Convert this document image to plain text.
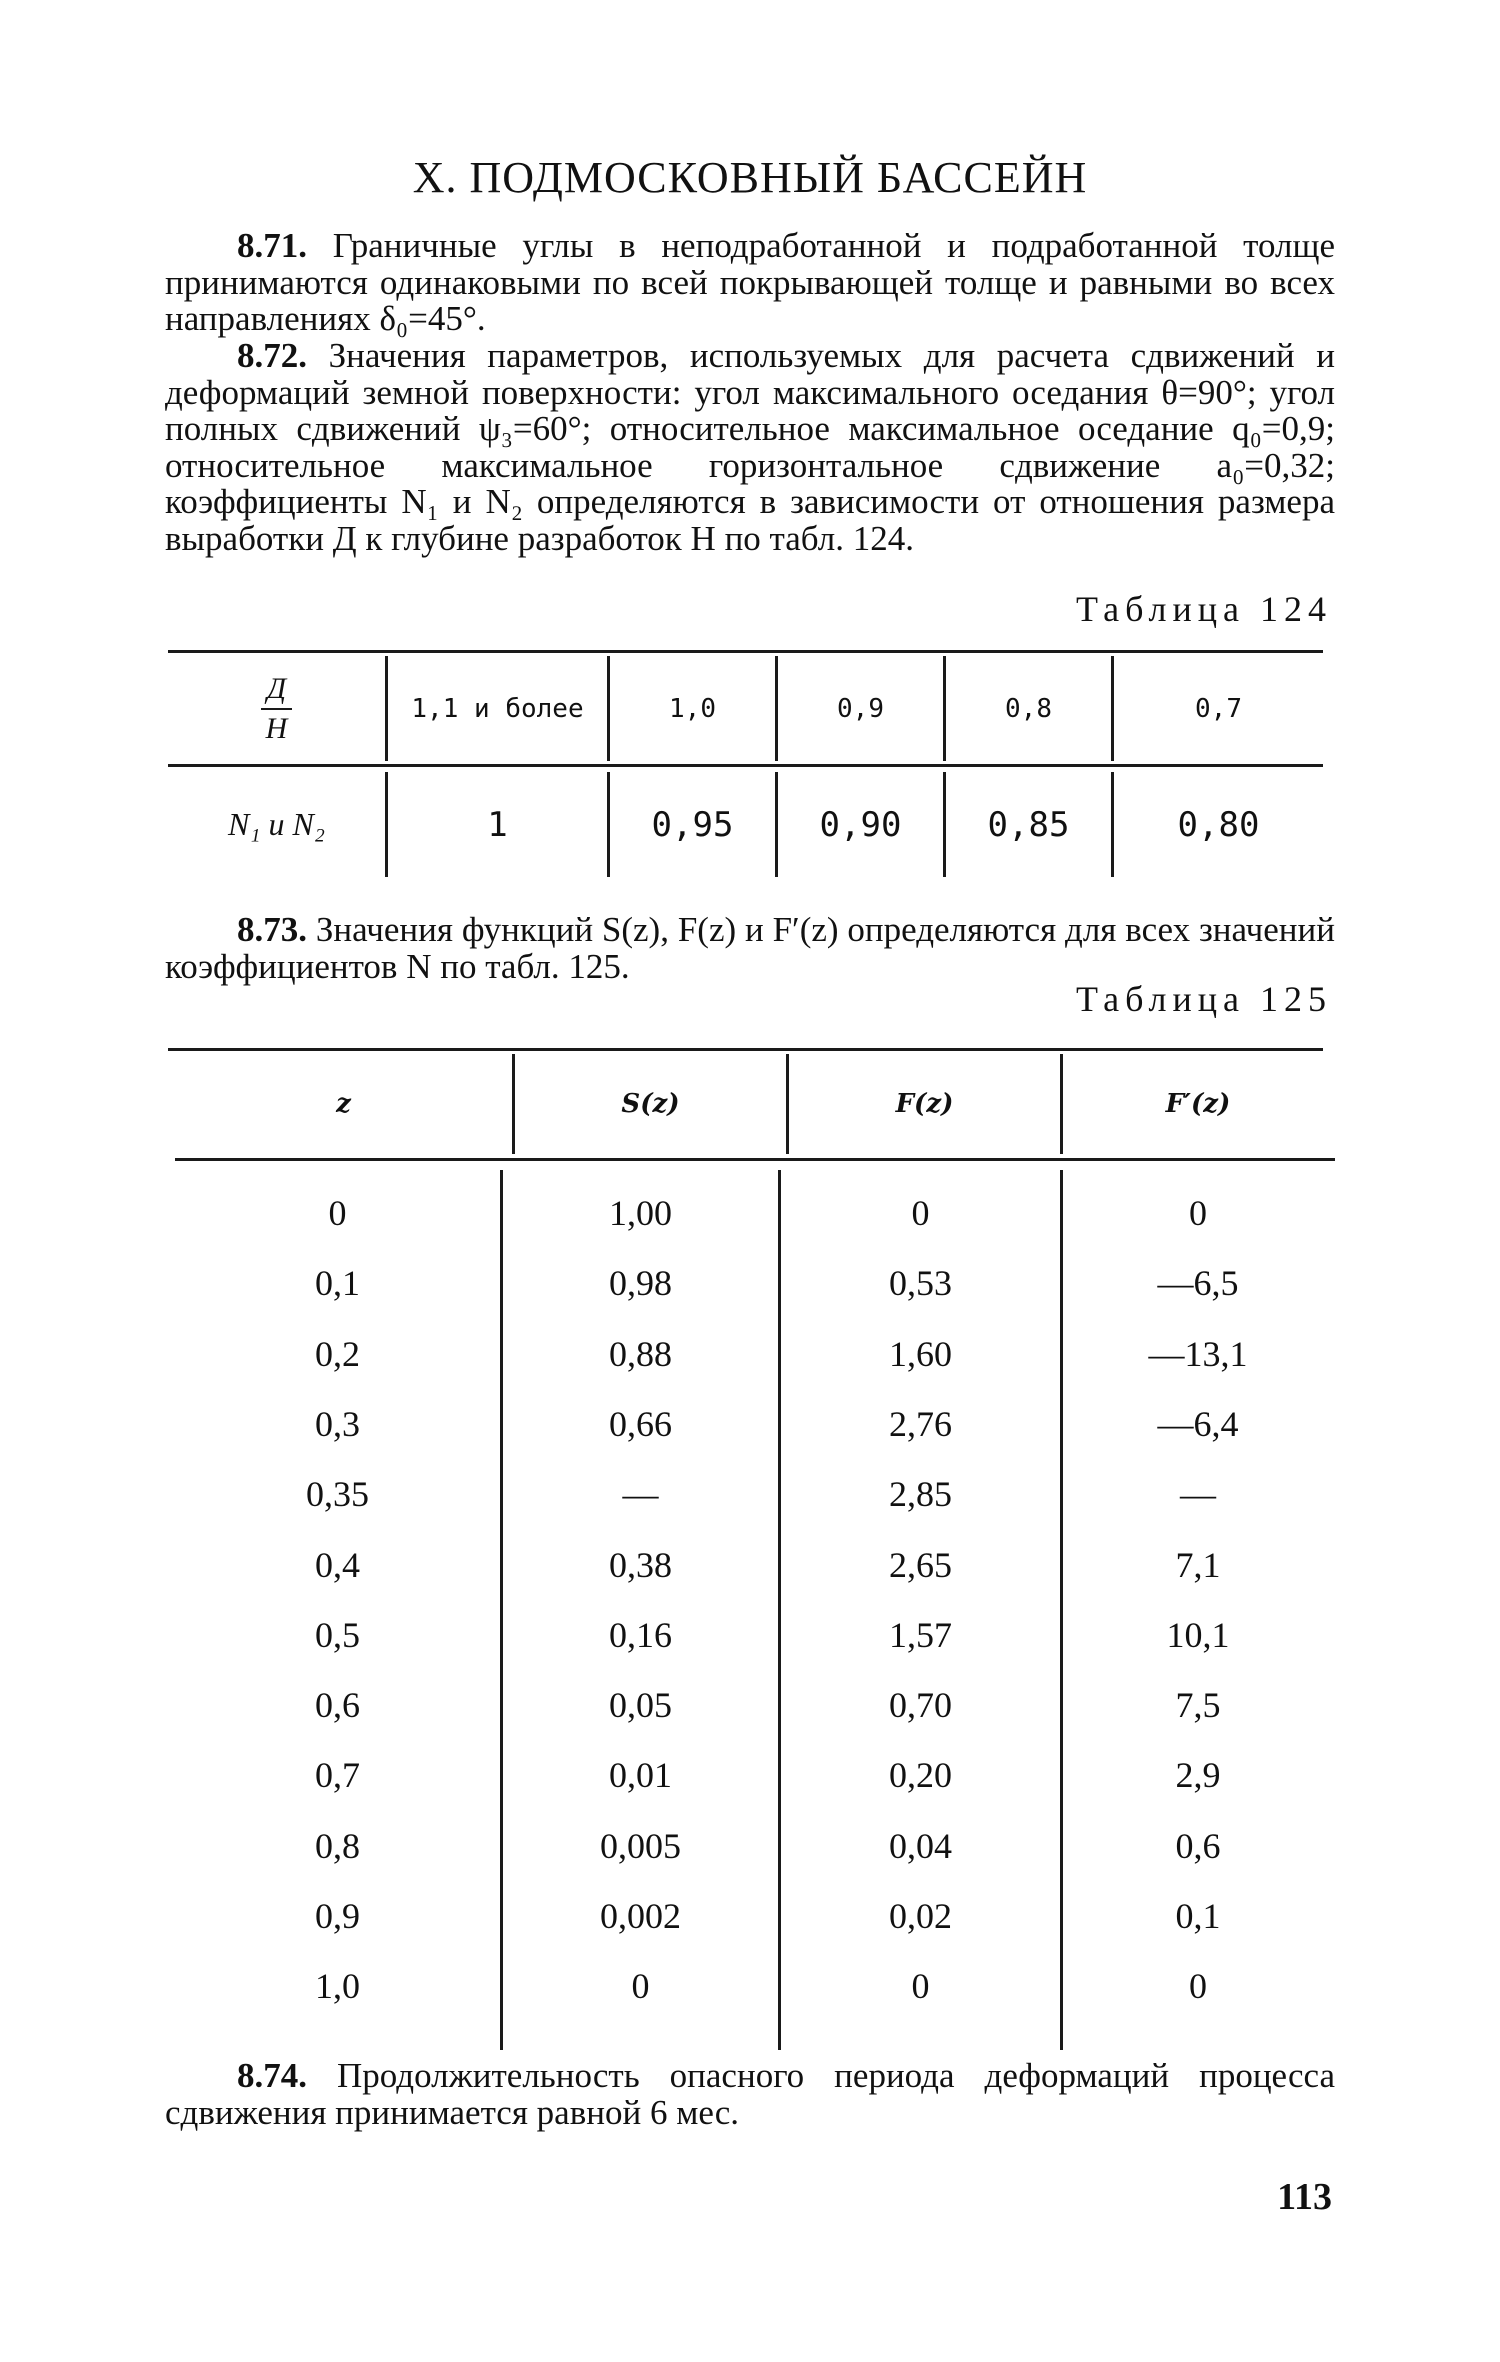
X. ПОДМОСКОВНЫЙ БАССЕЙН
8.71. Граничные углы в неподработанной и подработанной толще принимаются одинаковыми по всей покрывающей толще и равными во всех направлениях δ₀=45°.
8.72. Значения параметров, используемых для расчета сдвижений и деформаций земной поверхности: угол максимального оседания θ=90°; угол полных сдвижений ψ₃=60°; относительное максимальное оседание q₀=0,9; относительное максимальное горизонтальное сдвижение a₀=0,32; коэффициенты N₁ и N₂ определяются в зависимости от отношения размера выработки Д к глубине разработок H по табл. 124.
Таблица 124
$\frac{Д}{H}$	1,1 и более	1,0	0,9	0,8	0,7
N₁ и N₂	1	0,95	0,90	0,85	0,80
8.73. Значения функций S(z), F(z) и F′(z) определяются для всех значений коэффициентов N по табл. 125.
Таблица 125
z	S(z)	F(z)	F′(z)
0	1,00	0	0
0,1	0,98	0,53	—6,5
0,2	0,88	1,60	—13,1
0,3	0,66	2,76	—6,4
0,35	—	2,85	—
0,4	0,38	2,65	7,1
0,5	0,16	1,57	10,1
0,6	0,05	0,70	7,5
0,7	0,01	0,20	2,9
0,8	0,005	0,04	0,6
0,9	0,002	0,02	0,1
1,0	0	0	0
8.74. Продолжительность опасного периода деформаций процесса сдвижения принимается равной 6 мес.
113
